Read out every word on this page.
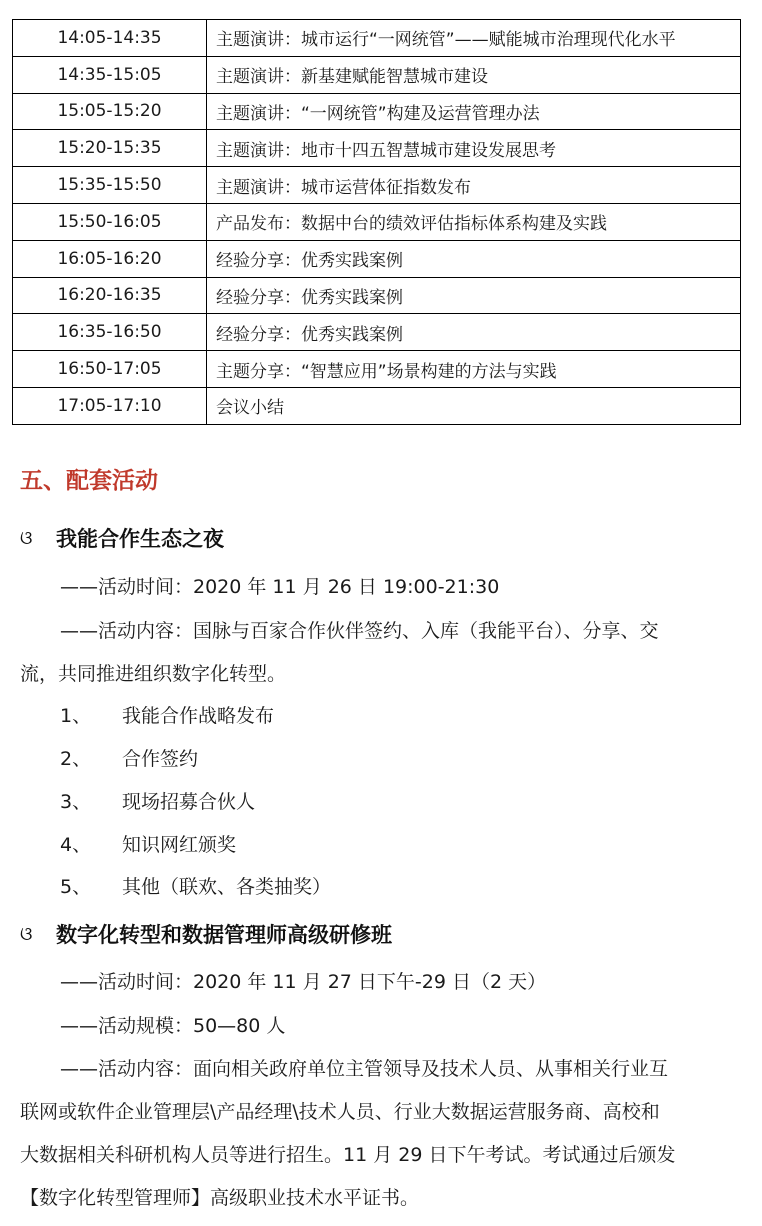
14:05-14:35	主题演讲：城市运行“一网统管”——赋能城市治理现代化水平
14:35-15:05	主题演讲：新基建赋能智慧城市建设
15:05-15:20	主题演讲：“一网统管”构建及运营管理办法
15:20-15:35	主题演讲：地市十四五智慧城市建设发展思考
15:35-15:50	主题演讲：城市运营体征指数发布
15:50-16:05	产品发布：数据中台的绩效评估指标体系构建及实践
16:05-16:20	经验分享：优秀实践案例
16:20-16:35	经验分享：优秀实践案例
16:35-16:50	经验分享：优秀实践案例
16:50-17:05	主题分享：“智慧应用”场景构建的方法与实践
17:05-17:10	会议小结
五、配套活动
ଓ	我能合作生态之夜
——活动时间：2020 年 11 月 26 日 19:00-21:30
——活动内容：国脉与百家合作伙伴签约、入库（我能平台）、分享、交
流，共同推进组织数字化转型。
1、 我能合作战略发布
2、 合作签约
3、 现场招募合伙人
4、 知识网红颁奖
5、 其他（联欢、各类抽奖）
ଓ	数字化转型和数据管理师高级研修班
——活动时间：2020 年 11 月 27 日下午-29 日（2 天）
——活动规模：50—80 人
——活动内容：面向相关政府单位主管领导及技术人员、从事相关行业互
联网或软件企业管理层\产品经理\技术人员、行业大数据运营服务商、高校和
大数据相关科研机构人员等进行招生。11 月 29 日下午考试。考试通过后颁发
【数字化转型管理师】高级职业技术水平证书。
